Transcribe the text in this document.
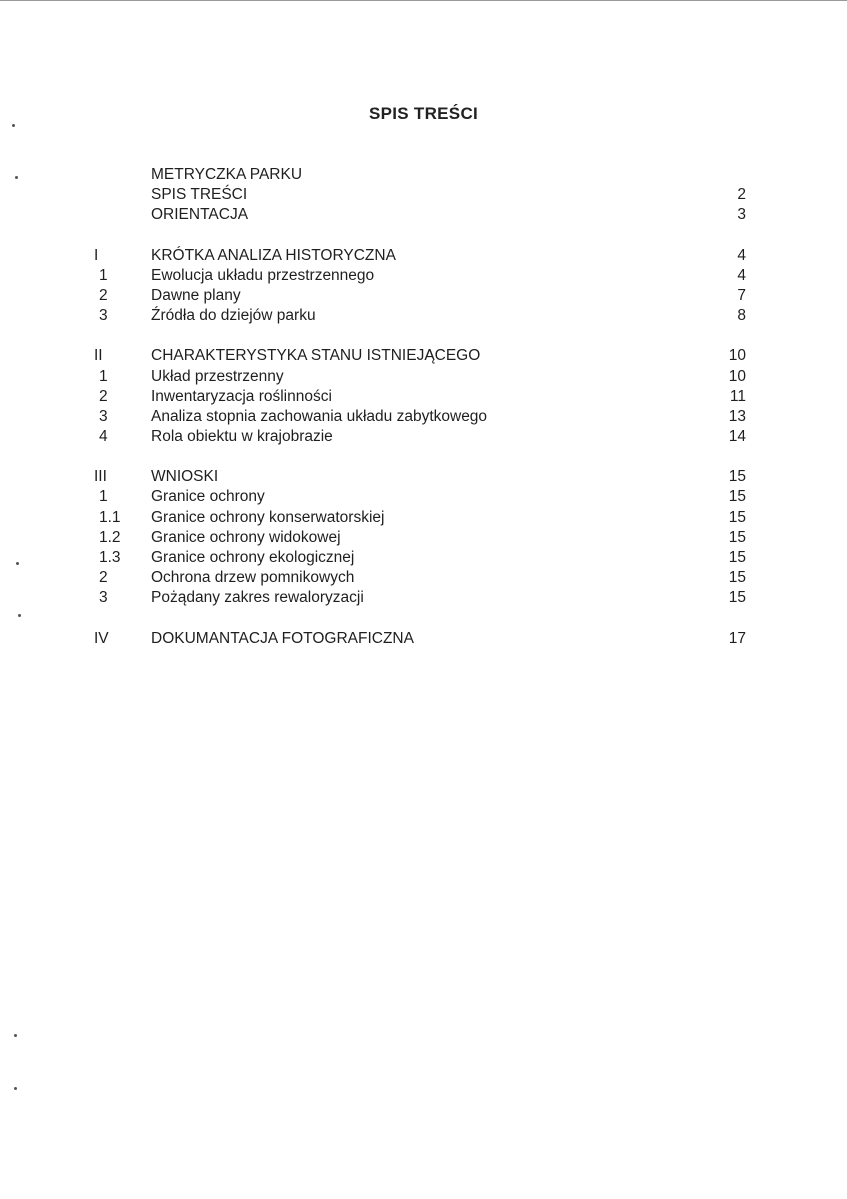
SPIS TREŚCI
METRYCZKA PARKU
SPIS TREŚCI	2
ORIENTACJA	3
I	KRÓTKA ANALIZA HISTORYCZNA	4
1	Ewolucja układu przestrzennego	4
2	Dawne plany	7
3	Źródła do dziejów parku	8
II	CHARAKTERYSTYKA STANU ISTNIEJĄCEGO	10
1	Układ przestrzenny	10
2	Inwentaryzacja roślinności	11
3	Analiza stopnia zachowania układu zabytkowego	13
4	Rola obiektu w krajobrazie	14
III	WNIOSKI	15
1	Granice ochrony	15
1.1	Granice ochrony konserwatorskiej	15
1.2	Granice ochrony widokowej	15
1.3	Granice ochrony ekologicznej	15
2	Ochrona drzew pomnikowych	15
3	Pożądany zakres rewaloryzacji	15
IV	DOKUMANTACJA FOTOGRAFICZNA	17
